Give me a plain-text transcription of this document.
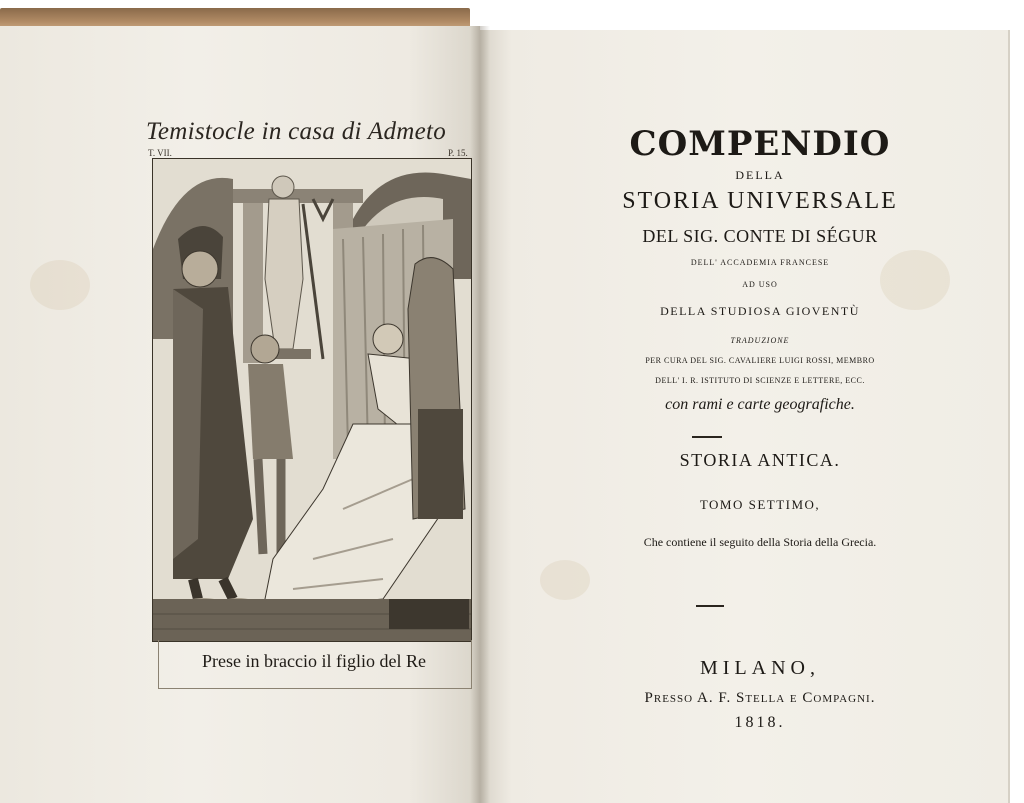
Temistocle in casa di Admeto
T. VII.	P. 15.
Prese in braccio il figlio del Re
COMPENDIO
DELLA
STORIA UNIVERSALE
DEL SIG. CONTE DI SÉGUR
DELL' ACCADEMIA FRANCESE
AD USO
DELLA STUDIOSA GIOVENTÙ
TRADUZIONE
PER CURA DEL SIG. CAVALIERE LUIGI ROSSI, MEMBRO
DELL' I. R. ISTITUTO DI SCIENZE E LETTERE, ECC.
con rami e carte geografiche.
STORIA ANTICA.
TOMO SETTIMO,
Che contiene il seguito della Storia della Grecia.
MILANO,
Presso A. F. Stella e Compagni.
1818.
